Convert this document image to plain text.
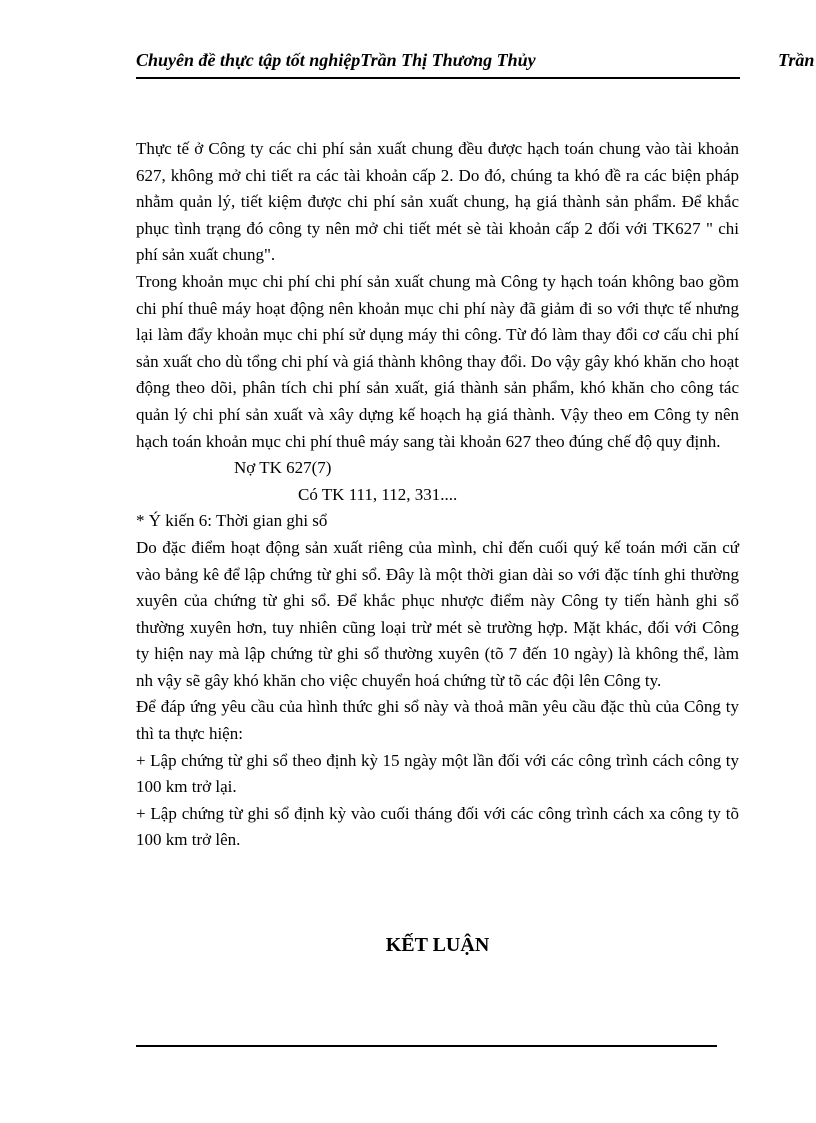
Chuyên đề thực tập tốt nghiệpTrần Thị Thương Thủy	Trần

Thực tế ở Công ty các chi phí sản xuất chung đều được hạch toán chung vào tài khoản 627, không mở chi tiết ra các tài khoản cấp 2. Do đó, chúng ta khó đề ra các biện pháp nhằm quản lý, tiết kiệm được chi phí sản xuất chung, hạ giá thành sản phẩm. Để khắc phục tình trạng đó công ty nên mở chi tiết mét sè tài khoản cấp 2 đối với TK627 " chi phí sản xuất chung".

Trong khoản mục chi phí chi phí sản xuất chung mà Công ty hạch toán không bao gồm chi phí thuê máy hoạt động nên khoản mục chi phí này đã giảm đi so với thực tế nhưng lại làm đẩy khoản mục chi phí sử dụng máy thi công. Từ đó làm thay đổi cơ cấu chi phí sản xuất cho dù tổng chi phí và giá thành không thay đổi. Do vậy gây khó khăn cho hoạt động theo dõi, phân tích chi phí sản xuất, giá thành sản phẩm, khó khăn cho công tác quản lý chi phí sản xuất và xây dựng kế hoạch hạ giá thành. Vậy theo em Công ty nên hạch toán khoản mục chi phí thuê máy sang tài khoản 627 theo đúng chế độ quy định.

Nợ TK 627(7)

Có TK 111, 112, 331....

* Ý kiến 6: Thời gian ghi sổ

Do đặc điểm hoạt động sản xuất riêng của mình, chỉ đến cuối quý kế toán mới căn cứ vào bảng kê để lập chứng từ ghi sổ. Đây là một thời gian dài so với đặc tính ghi thường xuyên của chứng từ ghi sổ. Để khắc phục nhược điểm này Công ty tiến hành ghi sổ thường xuyên hơn, tuy nhiên cũng loại trừ mét sè trường hợp. Mặt khác, đối với Công ty hiện nay mà lập chứng từ ghi sổ thường xuyên (tõ 7 đến 10 ngày) là không thể, làm nh vậy sẽ gây khó khăn cho việc chuyển hoá chứng từ tõ các đội lên Công ty.

Để đáp ứng yêu cầu của hình thức ghi sổ này và thoả mãn yêu cầu đặc thù của Công ty thì ta thực hiện:

+ Lập chứng từ ghi sổ theo định kỳ 15 ngày một lần đối với các công trình cách công ty 100 km trở lại.

+ Lập chứng từ ghi sổ định kỳ vào cuối tháng đối với các công trình cách xa công ty tõ 100 km trở lên.

KẾT LUẬN
